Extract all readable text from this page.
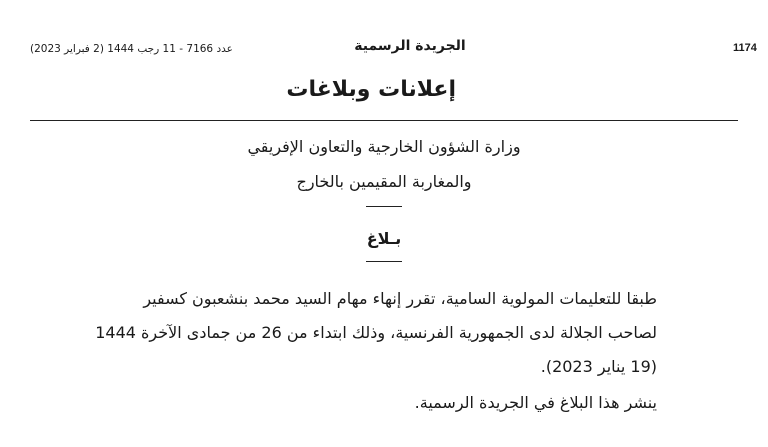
عدد 7166 - 11 رجب 1444 (2 فبراير 2023)	الجريدة الرسمية	1174
إعلانات وبلاغات
وزارة الشؤون الخارجية والتعاون الإفريقي
والمغاربة المقيمين بالخارج
بـلاغ

طبقا للتعليمات المولوية السامية، تقرر إنهاء مهام السيد محمد بنشعبون كسفير
لصاحب الجلالة لدى الجمهورية الفرنسية، وذلك ابتداء من 26 من جمادى الآخرة 1444
(19 يناير 2023).

ينشر هذا البلاغ في الجريدة الرسمية.
